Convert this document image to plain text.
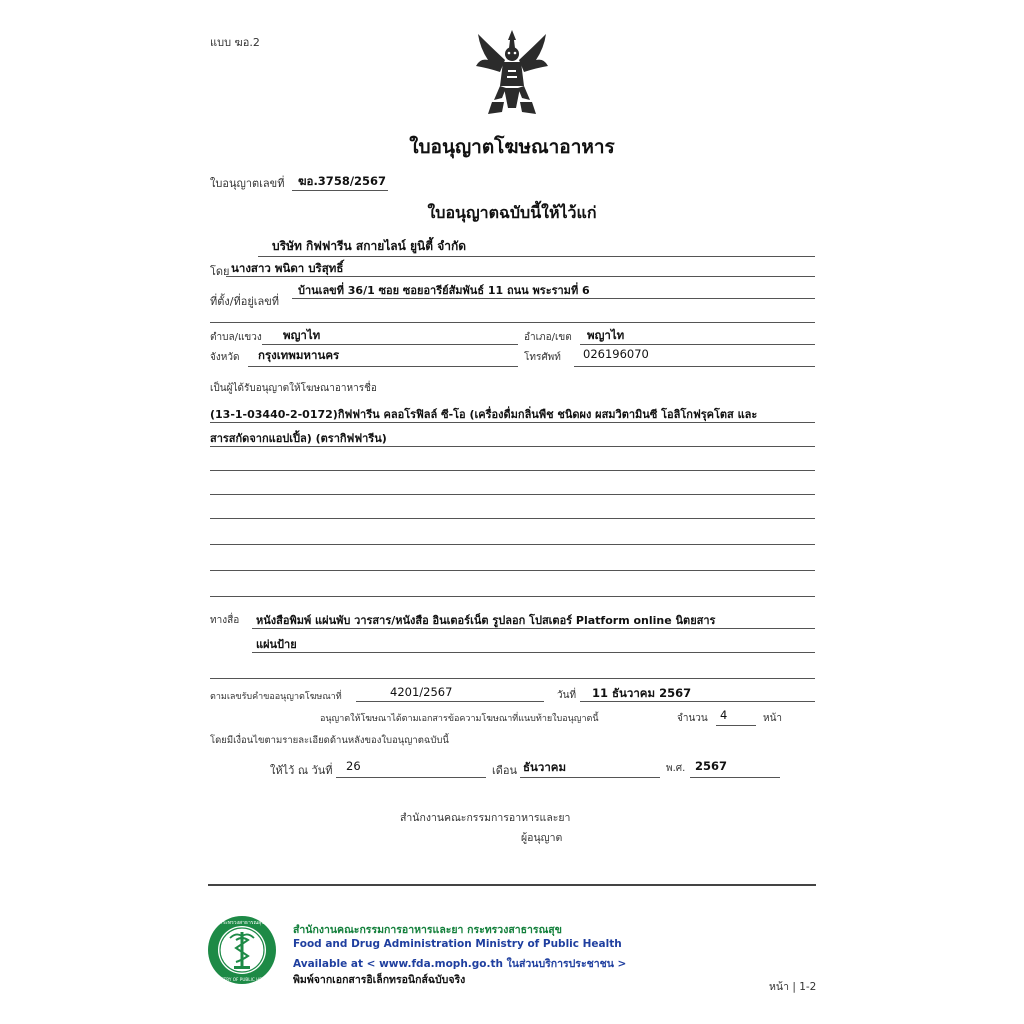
แบบ ฆอ.2
ใบอนุญาตโฆษณาอาหาร
ใบอนุญาตเลขที่ ฆอ.3758/2567
ใบอนุญาตฉบับนี้ให้ไว้แก่
บริษัท กิฟฟารีน สกายไลน์ ยูนิตี้ จำกัด
โดย นางสาว พนิดา บริสุทธิ์
บ้านเลขที่ 36/1 ซอย ซอยอารีย์สัมพันธ์ 11 ถนน พระรามที่ 6
ที่ตั้ง/ที่อยู่เลขที่
ตำบล/แขวง พญาไท	อำเภอ/เขต พญาไท
จังหวัด กรุงเทพมหานคร	โทรศัพท์ 026196070
เป็นผู้ได้รับอนุญาตให้โฆษณาอาหารชื่อ
(13-1-03440-2-0172)กิฟฟารีน คลอโรฟิลล์ ซี-โอ (เครื่องดื่มกลิ่นพืช ชนิดผง ผสมวิตามินซี โอลิโกฟรุคโตส และ
สารสกัดจากแอปเปิ้ล) (ตรากิฟฟารีน)
ทางสื่อ หนังสือพิมพ์ แผ่นพับ วารสาร/หนังสือ อินเตอร์เน็ต รูปลอก โปสเตอร์ Platform online นิตยสาร
แผ่นป้าย
ตามเลขรับคำขออนุญาตโฆษณาที่	4201/2567	วันที่ 11 ธันวาคม 2567
อนุญาตให้โฆษณาได้ตามเอกสารข้อความโฆษณาที่แนบท้ายใบอนุญาตนี้	จำนวน 4	หน้า
โดยมีเงื่อนไขตามรายละเอียดด้านหลังของใบอนุญาตฉบับนี้
ให้ไว้ ณ วันที่ 26	เดือน ธันวาคม	พ.ศ. 2567
สำนักงานคณะกรรมการอาหารและยา
ผู้อนุญาต
กระทรวงสาธารณสุข
MINISTRY OF PUBLIC HEALTH
สำนักงานคณะกรรมการอาหารและยา กระทรวงสาธารณสุข
Food and Drug Administration Ministry of Public Health
Available at < www.fda.moph.go.th ในส่วนบริการประชาชน >
พิมพ์จากเอกสารอิเล็กทรอนิกส์ฉบับจริง
หน้า | 1-2
